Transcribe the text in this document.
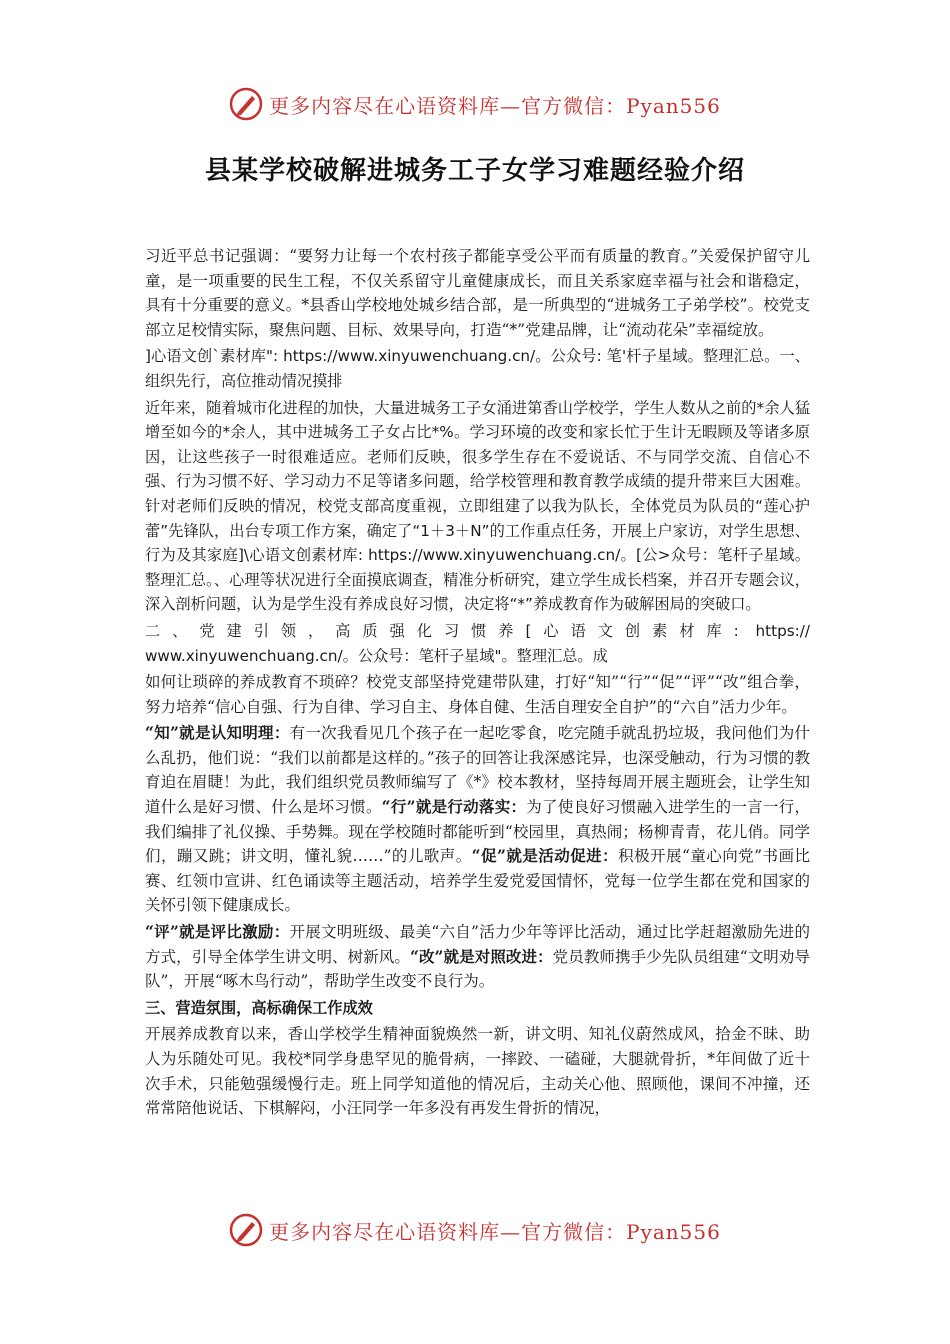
更多内容尽在心语资料库—官方微信：Pyan556
县某学校破解进城务工子女学习难题经验介绍

习近平总书记强调：“要努力让每一个农村孩子都能享受公平而有质量的教育。”关爱保护留守儿童，是一项重要的民生工程，不仅关系留守儿童健康成长，而且关系家庭幸福与社会和谐稳定，具有十分重要的意义。*县香山学校地处城乡结合部，是一所典型的“进城务工子弟学校”。校党支部立足校情实际，聚焦问题、目标、效果导向，打造“*”党建品牌，让“流动花朵”幸福绽放。

]心语文创`素材库": https://www.xinyuwenchuang.cn/。公众号: 笔'杆子星域。整理汇总。一、组织先行，高位推动情况摸排

近年来，随着城市化进程的加快，大量进城务工子女涌进第香山学校学，学生人数从之前的*余人猛增至如今的*余人，其中进城务工子女占比*%。学习环境的改变和家长忙于生计无暇顾及等诸多原因，让这些孩子一时很难适应。老师们反映，很多学生存在不爱说话、不与同学交流、自信心不强、行为习惯不好、学习动力不足等诸多问题，给学校管理和教育教学成绩的提升带来巨大困难。针对老师们反映的情况，校党支部高度重视，立即组建了以我为队长，全体党员为队员的“莲心护蕾”先锋队，出台专项工作方案，确定了“1＋3＋N”的工作重点任务，开展上户家访，对学生思想、行为及其家庭]\心语文创素材库: https://www.xinyuwenchuang.cn/。[公>众号：笔杆子星域。整理汇总。、心理等状况进行全面摸底调查，精准分析研究，建立学生成长档案，并召开专题会议，深入剖析问题，认为是学生没有养成良好习惯，决定将“*”养成教育作为破解困局的突破口。

二、党建引领，高质强化习惯养[心语文创素材库: https://

www.xinyuwenchuang.cn/。公众号：笔杆子星域"。整理汇总。成

如何让琐碎的养成教育不琐碎？校党支部坚持党建带队建，打好“知”“行”“促”“评”“改”组合拳，努力培养“信心自强、行为自律、学习自主、身体自健、生活自理安全自护”的“六自”活力少年。

“知”就是认知明理：有一次我看见几个孩子在一起吃零食，吃完随手就乱扔垃圾，我问他们为什么乱扔，他们说：“我们以前都是这样的。”孩子的回答让我深感诧异，也深受触动，行为习惯的教育迫在眉睫！为此，我们组织党员教师编写了《*》校本教材，坚持每周开展主题班会，让学生知道什么是好习惯、什么是坏习惯。“行”就是行动落实：为了使良好习惯融入进学生的一言一行，我们编排了礼仪操、手势舞。现在学校随时都能听到“校园里，真热闹；杨柳青青，花儿俏。同学们，蹦又跳；讲文明，懂礼貌……”的儿歌声。“促”就是活动促进：积极开展“童心向党”书画比赛、红领巾宣讲、红色诵读等主题活动，培养学生爱党爱国情怀，党每一位学生都在党和国家的关怀引领下健康成长。

“评”就是评比激励：开展文明班级、最美“六自”活力少年等评比活动，通过比学赶超激励先进的方式，引导全体学生讲文明、树新风。“改”就是对照改进：党员教师携手少先队员组建“文明劝导队”，开展“啄木鸟行动”，帮助学生改变不良行为。

三、营造氛围，高标确保工作成效

开展养成教育以来，香山学校学生精神面貌焕然一新，讲文明、知礼仪蔚然成风，拾金不昧、助人为乐随处可见。我校*同学身患罕见的脆骨病，一摔跤、一磕碰，大腿就骨折，*年间做了近十次手术，只能勉强缓慢行走。班上同学知道他的情况后，主动关心他、照顾他，课间不冲撞，还常常陪他说话、下棋解闷，小汪同学一年多没有再发生骨折的情况，

更多内容尽在心语资料库—官方微信：Pyan556
